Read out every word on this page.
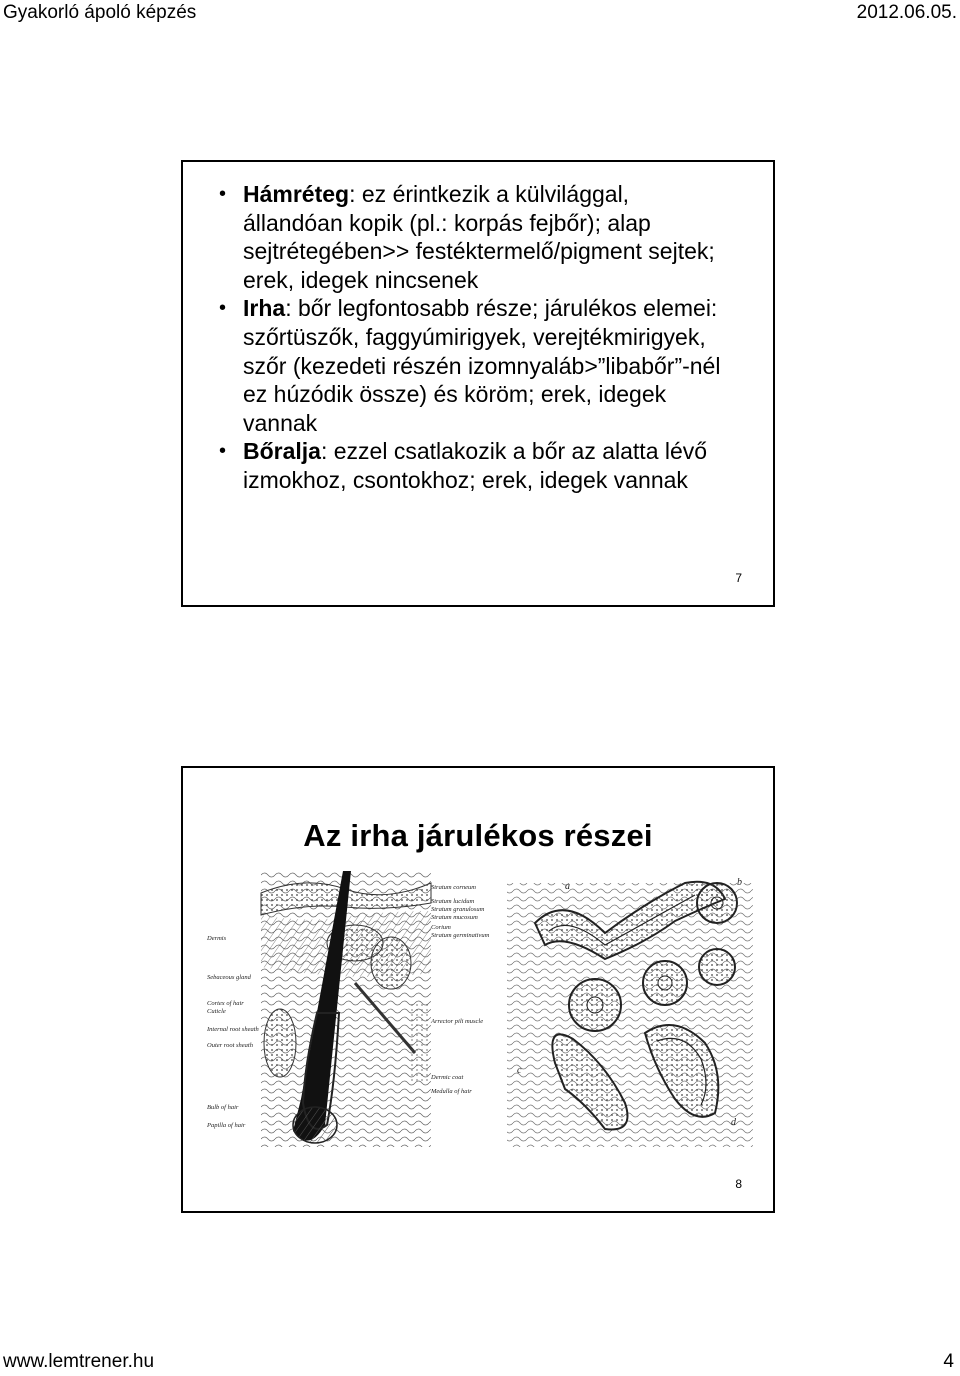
Gyakorló ápoló képzés	2012.06.05.
• Hámréteg: ez érintkezik a külvilággal, állandóan kopik (pl.: korpás fejbőr); alap sejtrétegében>> festéktermelő/pigment sejtek; erek, idegek nincsenek
• Irha: bőr legfontosabb része; járulékos elemei: szőrtüszők, faggyúmirigyek, verejtékmirigyek, szőr (kezedeti részén izomnyaláb>”libabőr”-nél ez húzódik össze) és köröm; erek, idegek vannak
• Bőralja: ezzel csatlakozik a bőr az alatta lévő izmokhoz, csontokhoz; erek, idegek vannak
7
Az irha járulékos részei
Dermis
Sebaceous gland
Cortex of hair
Cuticle
Internal root sheath
Outer root sheath
Bulb of hair
Papilla of hair
Stratum corneum
Stratum lucidum
Stratum granulosum
Stratum mucosum
Corium
Stratum germinativum
Arrector pili muscle
Dermic coat
Medulla of hair
a	b
c
d
8
www.lemtrener.hu	4
